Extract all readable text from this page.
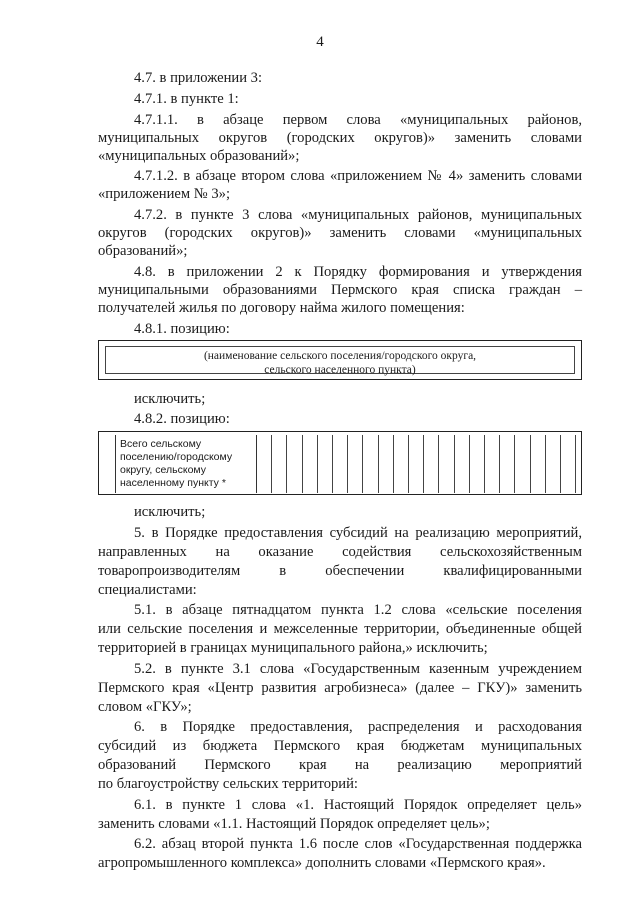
4
4.7. в приложении 3:
4.7.1. в пункте 1:
4.7.1.1. в абзаце первом слова «муниципальных районов,
муниципальных округов (городских округов)» заменить словами
«муниципальных образований»;
4.7.1.2. в абзаце втором слова «приложением № 4» заменить словами
«приложением № 3»;
4.7.2. в пункте 3 слова «муниципальных районов, муниципальных
округов (городских округов)» заменить словами «муниципальных
образований»;
4.8. в приложении 2 к Порядку формирования и утверждения
муниципальными образованиями Пермского края списка граждан –
получателей жилья по договору найма жилого помещения:
4.8.1. позицию:
(наименование сельского поселения/городского округа,
сельского населенного пункта)
исключить;
4.8.2. позицию:
Всего сельскому
поселению/городскому
округу, сельскому
населенному пункту *
исключить;
5. в Порядке предоставления субсидий на реализацию мероприятий,
направленных на оказание содействия сельскохозяйственным
товаропроизводителям в обеспечении квалифицированными
специалистами:
5.1. в абзаце пятнадцатом пункта 1.2 слова «сельские поселения
или сельские поселения и межселенные территории, объединенные общей
территорией в границах муниципального района,» исключить;
5.2. в пункте 3.1 слова «Государственным казенным учреждением
Пермского края «Центр развития агробизнеса» (далее – ГКУ)» заменить
словом «ГКУ»;
6. в Порядке предоставления, распределения и расходования
субсидий из бюджета Пермского края бюджетам муниципальных
образований Пермского края на реализацию мероприятий
по благоустройству сельских территорий:
6.1. в пункте 1 слова «1. Настоящий Порядок определяет цель»
заменить словами «1.1. Настоящий Порядок определяет цель»;
6.2. абзац второй пункта 1.6 после слов «Государственная поддержка
агропромышленного комплекса» дополнить словами «Пермского края».
